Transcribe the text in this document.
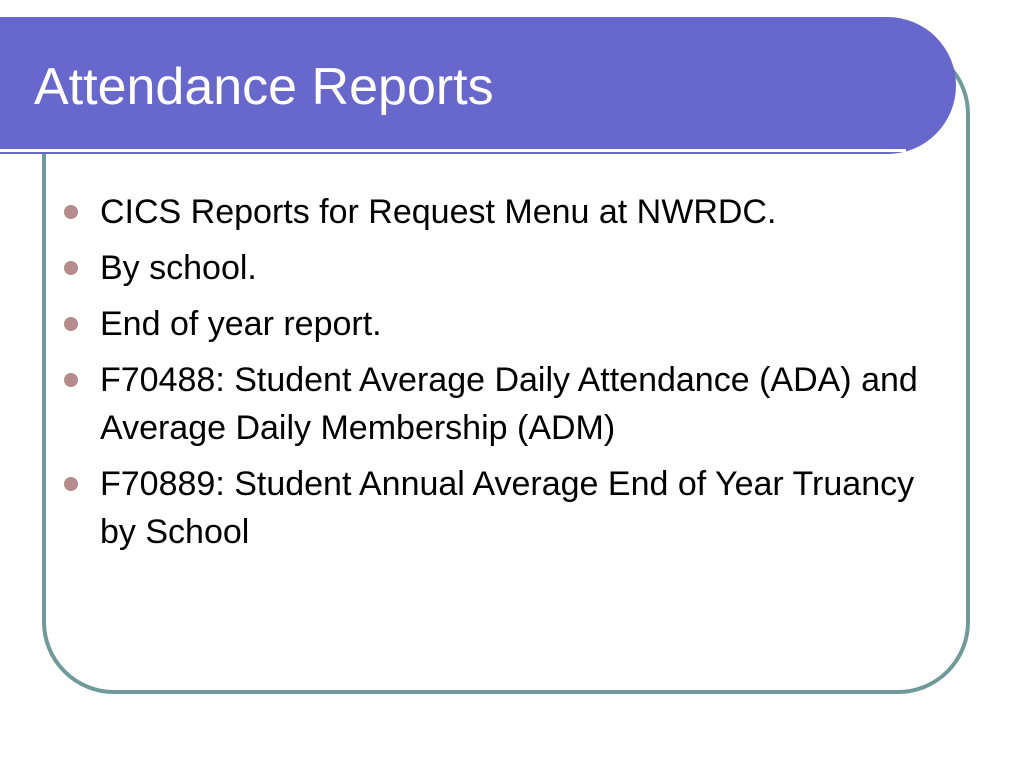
Attendance Reports
CICS Reports for Request Menu at NWRDC.
By school.
End of year report.
F70488: Student Average Daily Attendance (ADA) and Average Daily Membership (ADM)
F70889: Student Annual Average End of Year Truancy by School
